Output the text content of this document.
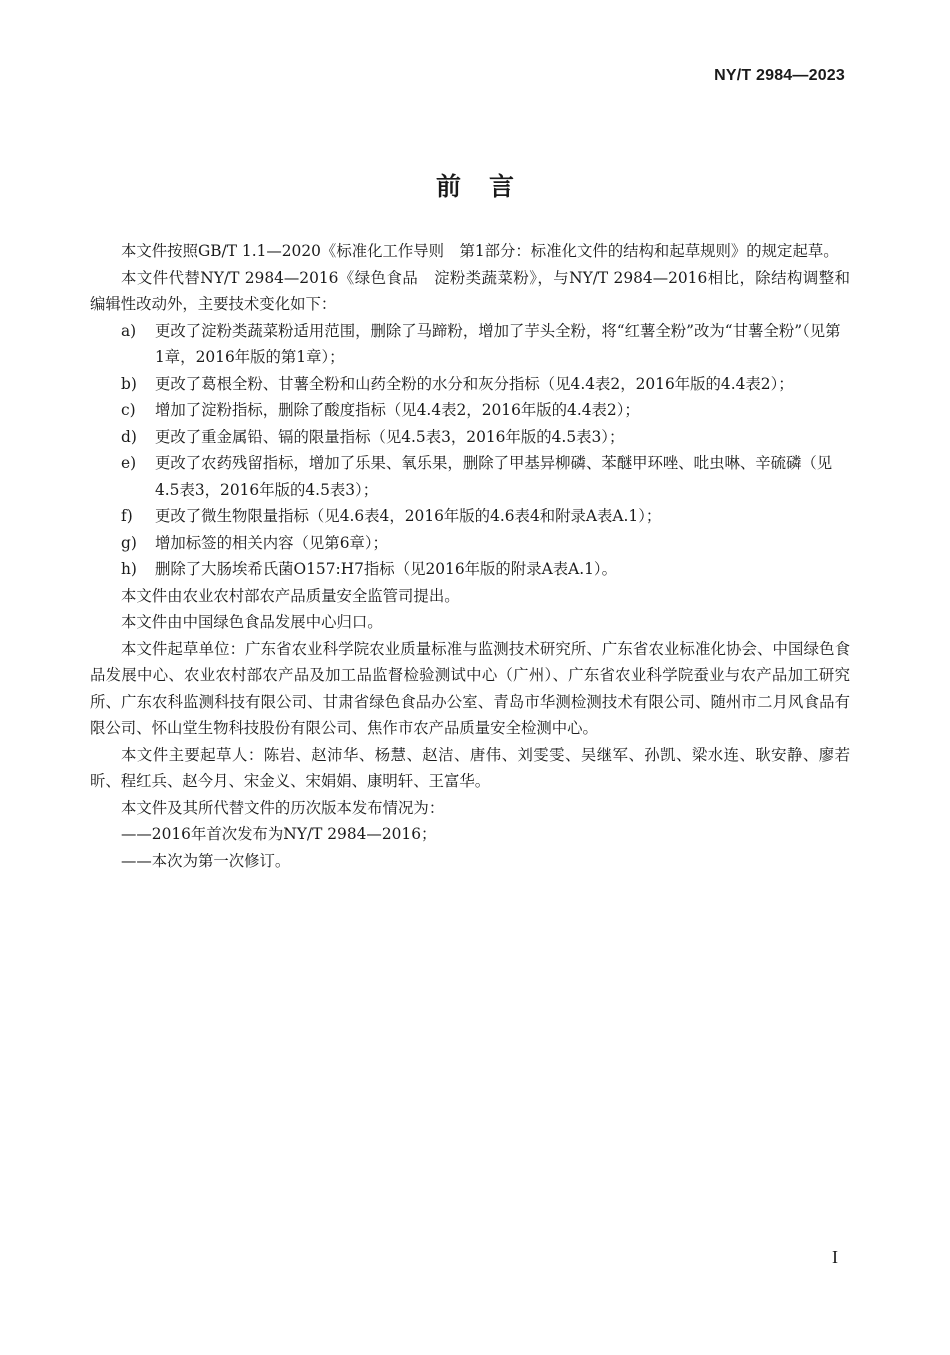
NY/T 2984—2023
前言

本文件按照GB/T 1.1—2020《标准化工作导则　第1部分：标准化文件的结构和起草规则》的规定起草。

本文件代替NY/T 2984—2016《绿色食品　淀粉类蔬菜粉》，与NY/T 2984—2016相比，除结构调整和编辑性改动外，主要技术变化如下：

a) 更改了淀粉类蔬菜粉适用范围，删除了马蹄粉，增加了芋头全粉，将“红薯全粉”改为“甘薯全粉”（见第1章，2016年版的第1章）；

b) 更改了葛根全粉、甘薯全粉和山药全粉的水分和灰分指标（见4.4表2，2016年版的4.4表2）；

c) 增加了淀粉指标，删除了酸度指标（见4.4表2，2016年版的4.4表2）；

d) 更改了重金属铅、镉的限量指标（见4.5表3，2016年版的4.5表3）；

e) 更改了农药残留指标，增加了乐果、氧乐果，删除了甲基异柳磷、苯醚甲环唑、吡虫啉、辛硫磷（见4.5表3，2016年版的4.5表3）；

f) 更改了微生物限量指标（见4.6表4，2016年版的4.6表4和附录A表A.1）；

g) 增加标签的相关内容（见第6章）；

h) 删除了大肠埃希氏菌O157:H7指标（见2016年版的附录A表A.1）。

本文件由农业农村部农产品质量安全监管司提出。

本文件由中国绿色食品发展中心归口。

本文件起草单位：广东省农业科学院农业质量标准与监测技术研究所、广东省农业标准化协会、中国绿色食品发展中心、农业农村部农产品及加工品监督检验测试中心（广州）、广东省农业科学院蚕业与农产品加工研究所、广东农科监测科技有限公司、甘肃省绿色食品办公室、青岛市华测检测技术有限公司、随州市二月风食品有限公司、怀山堂生物科技股份有限公司、焦作市农产品质量安全检测中心。

本文件主要起草人：陈岩、赵沛华、杨慧、赵洁、唐伟、刘雯雯、吴继军、孙凯、梁水连、耿安静、廖若昕、程红兵、赵今月、宋金义、宋娟娟、康明轩、王富华。

本文件及其所代替文件的历次版本发布情况为：

——2016年首次发布为NY/T 2984—2016；

——本次为第一次修订。

I
